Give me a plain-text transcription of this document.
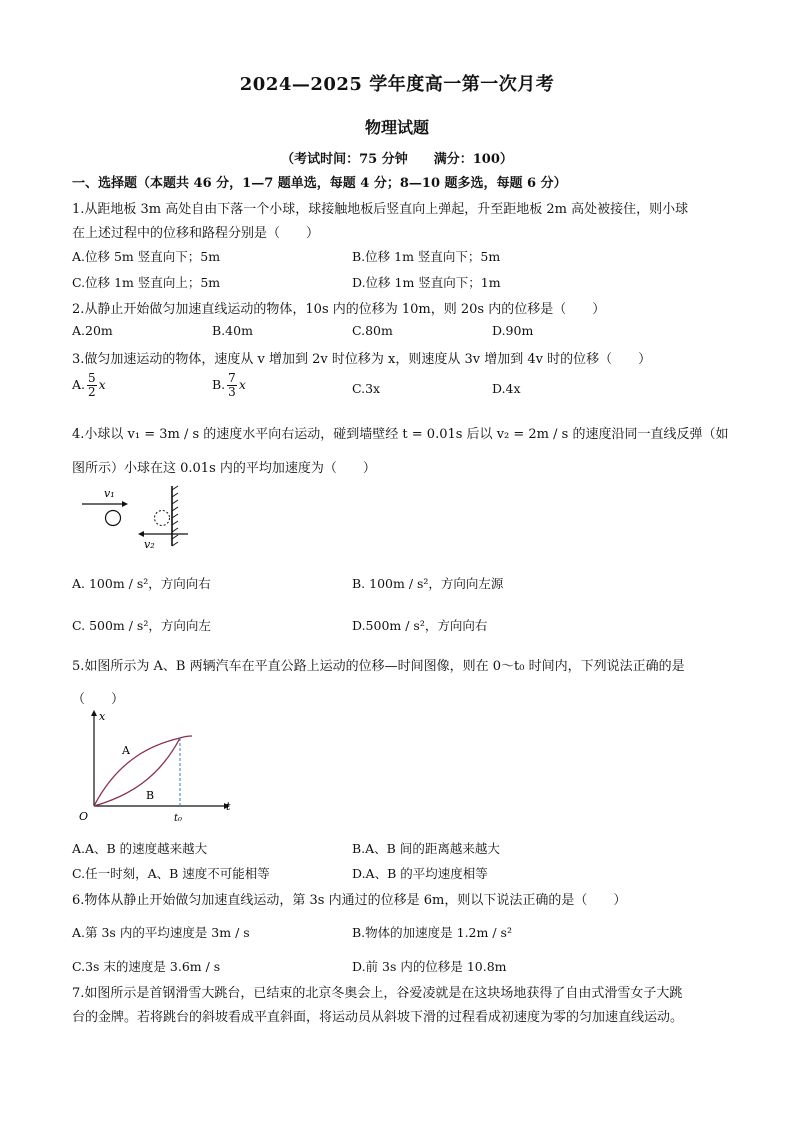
2024—2025 学年度高一第一次月考
物理试题
（考试时间：75 分钟　　满分：100）
一、选择题（本题共 46 分，1—7 题单选，每题 4 分；8—10 题多选，每题 6 分）
1.从距地板 3m 高处自由下落一个小球，球接触地板后竖直向上弹起，升至距地板 2m 高处被接住，则小球
在上述过程中的位移和路程分别是（　　）
A.位移 5m 竖直向下；5m	B.位移 1m 竖直向下；5m
C.位移 1m 竖直向上；5m	D.位移 1m 竖直向下；1m
2.从静止开始做匀加速直线运动的物体，10s 内的位移为 10m，则 20s 内的位移是（　　）
A.20m	B.40m	C.80m	D.90m
3.做匀加速运动的物体，速度从 v 增加到 2v 时位移为 x，则速度从 3v 增加到 4v 时的位移（　　）
A. $\frac{5}{2}$ x	B. $\frac{7}{3}$ x	C.3x	D.4x
4.小球以 v₁ = 3m / s 的速度水平向右运动，碰到墙壁经 t = 0.01s 后以 v₂ = 2m / s 的速度沿同一直线反弹（如
图所示）小球在这 0.01s 内的平均加速度为（　　）
v₁
v₂
A. 100m / s²，方向向右	B. 100m / s²，方向向左源
C. 500m / s²，方向向左	D.500m / s²，方向向右
5.如图所示为 A、B 两辆汽车在平直公路上运动的位移—时间图像，则在 0～t₀ 时间内，下列说法正确的是
（　　）
x
t
O
A
B
t₀
A.A、B 的速度越来越大	B.A、B 间的距离越来越大
C.任一时刻，A、B 速度不可能相等	D.A、B 的平均速度相等
6.物体从静止开始做匀加速直线运动，第 3s 内通过的位移是 6m，则以下说法正确的是（　　）
A.第 3s 内的平均速度是 3m / s	B.物体的加速度是 1.2m / s²
C.3s 末的速度是 3.6m / s	D.前 3s 内的位移是 10.8m
7.如图所示是首钢滑雪大跳台，已结束的北京冬奥会上，谷爱凌就是在这块场地获得了自由式滑雪女子大跳
台的金牌。若将跳台的斜坡看成平直斜面，将运动员从斜坡下滑的过程看成初速度为零的匀加速直线运动。
